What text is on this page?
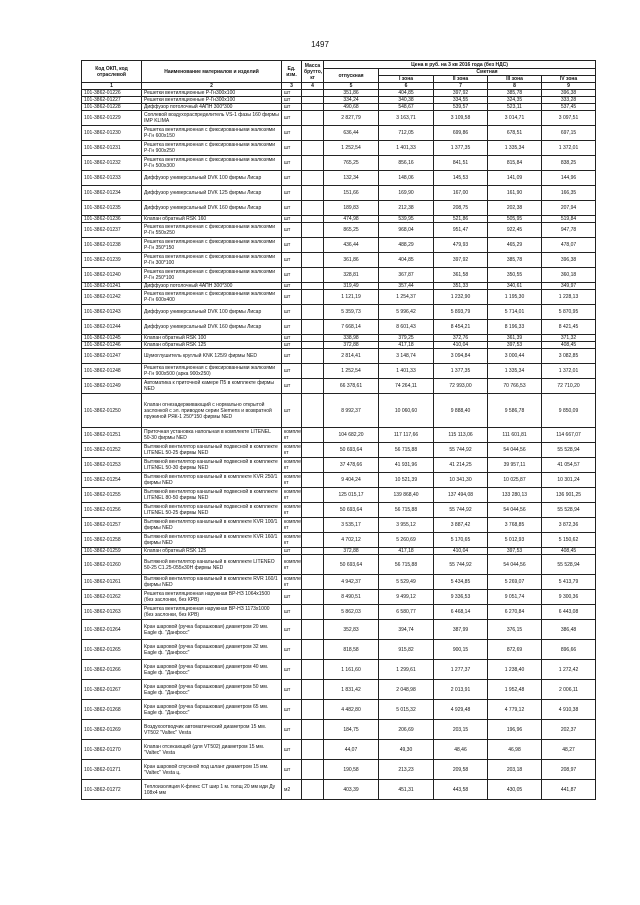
1497
Код ОКП, код отраслевой	Наименование материалов и изделий	Ед. изм.	Масса брутто, кг	Цена в руб. на 3 кв 2016 года (без НДС)				
				отпускная	Сметная			
					I зона	II зона	III зона	IV зона
1	2	3	4	5	6	7	8	9
101-3862-01226	Решетки вентиляционные Р-Гн300х100	шт		351,86	404,85	397,92	385,78	396,38
101-3862-01227	Решетки вентиляционные Р-Гн300х100	шт		334,24	340,38	334,55	324,35	333,28
101-3862-01228	Диффузор потолочный 4АПН 300*300	шт		490,68	548,67	539,57	523,11	537,45
101-3862-01229	Соплевой воздухораспределитель VS-1 фазы 160 фирмы IMP KLIMA	шт		2 827,79	3 163,71	3 109,58	3 014,71	3 097,51
101-3862-01230	Решетка вентиляционная с фиксированными жалюзями Р-Гн 600х150	шт		636,44	712,05	699,86	678,51	697,15
101-3862-01231	Решетка вентиляционная с фиксированными жалюзями Р-Гн 900х250	шт		1 252,54	1 401,33	1 377,35	1 335,34	1 372,01
101-3862-01232	Решетка вентиляционная с фиксированными жалюзями Р-Гн 500х300	шт		765,25	856,16	841,51	815,84	838,25
101-3862-01233	Диффузор универсальный DVK 100 фирмы Лисар	шт		132,34	148,06	145,53	141,09	144,96
101-3862-01234	Диффузор универсальный DVK 125 фирмы Лисар	шт		151,66	169,90	167,00	161,90	166,35
101-3862-01235	Диффузор универсальный DVK 160 фирмы Лисар	шт		189,83	212,38	208,75	202,38	207,94
101-3862-01236	Клапан обратный RSK 160	шт		474,98	539,95	521,86	505,95	519,84
101-3862-01237	Решетка вентиляционная с фиксированными жалюзями Р-Гн 550х250	шт		865,25	968,04	951,47	922,45	947,78
101-3862-01238	Решетка вентиляционная с фиксированными жалюзями Р-Гн 350*150	шт		436,44	488,29	479,93	465,29	478,07
101-3862-01239	Решетка вентиляционная с фиксированными жалюзями Р-Гн 300*100	шт		361,86	404,85	397,92	385,78	396,38
101-3862-01240	Решетка вентиляционная с фиксированными жалюзями Р-Гн 250*100	шт		328,81	367,87	361,58	350,55	360,18
101-3862-01241	Диффузор потолочный 4АПН 300*300	шт		319,49	357,44	351,33	340,61	349,97
101-3862-01242	Решетка вентиляционная с фиксированными жалюзями Р-Гн 600х400	шт		1 121,19	1 254,37	1 232,90	1 195,30	1 228,13
101-3862-01243	Диффузор универсальный DVK 100 фирмы Лисар	шт		5 359,73	5 996,42	5 893,79	5 714,01	5 870,95
101-3862-01244	Диффузор универсальный DVK 160 фирмы Лисар	шт		7 668,14	8 601,43	8 454,21	8 196,33	8 421,45
101-3862-01245	Клапан обратный RSK 100	шт		338,98	379,25	372,76	361,39	371,32
101-3862-01246	Клапан обратный RSK 125	шт		372,88	417,18	410,04	397,53	408,45
101-3862-01247	Шумоглушитель круглый KNK 125/9 фирмы NED	шт		2 814,41	3 148,74	3 094,84	3 000,44	3 082,85
101-3862-01248	Решетка вентиляционная с фиксированными жалюзями Р-Гн 900х500 (арка 900х250)	шт		1 252,54	1 401,33	1 377,35	1 335,34	1 372,01
101-3862-01249	Автоматика к приточной камере П5 в комплекте фирмы NED	шт		66 378,61	74 264,11	72 993,00	70 766,53	72 710,20
101-3862-01250	Клапан огнезадерживающий с нормально открытой заслонкой с эл. приводом серии Siemens и возвратной пружиной РЯК-1 250*150 фирмы NED	шт		8 992,37	10 060,60	9 888,40	9 586,78	9 850,09
101-3862-01251	Приточная установка напольная в комплекте LITENEL 50-30 фирмы NED	компле кт		104 682,20	117 117,66	115 113,06	111 601,81	114 667,07
101-3862-01252	Вытяжной вентилятор канальный подвесной в комплекте LITENEL 50-25 фирмы NED	компле кт		50 693,64	56 715,88	55 744,92	54 044,56	55 528,94
101-3862-01253	Вытяжной вентилятор канальный подвесной в комплекте LITENEL 50-30 фирмы NED	компле кт		37 478,66	41 931,96	41 214,25	39 957,11	41 054,57
101-3862-01254	Вытяжной вентилятор канальный в комплекте KVR 250/1 фирмы NED	компле кт		9 404,24	10 521,39	10 341,30	10 025,87	10 301,24
101-3862-01255	Вытяжной вентилятор канальный подвесной в комплекте LITENEL 80-50 фирмы NED	компле кт		125 015,17	139 868,40	137 494,08	133 280,13	136 901,25
101-3862-01256	Вытяжной вентилятор канальный подвесной в комплекте LITENEL 50-25 фирмы NED	компле кт		50 693,64	56 715,88	55 744,92	54 044,56	55 528,94
101-3862-01257	Вытяжной вентилятор канальный в комплекте KVR 100/1 фирмы NED	компле кт		3 535,17	3 955,12	3 887,42	3 768,85	3 872,36
101-3862-01258	Вытяжной вентилятор канальный в комплекте KVR 160/1 фирмы NED	компле кт		4 702,12	5 260,69	5 170,65	5 012,93	5 150,62
101-3862-01259	Клапан обратный RSK 125	шт		372,88	417,18	410,04	397,53	408,45
101-3862-01260	Вытяжной вентилятор канальный в комплекте LITENEO 50-25 С1.25-055х30Н фирмы NED	компле кт		50 693,64	56 715,88	55 744,92	54 044,56	55 528,94
101-3862-01261	Вытяжной вентилятор канальный в комплекте RVR 160/1 фирмы NED	компле кт		4 942,37	5 529,49	5 434,85	5 269,07	5 413,79
101-3862-01262	Решетка вентиляционная наружная ВР-НЗ 1064х1500 (без заслонки, без КРВ)	шт		8 490,51	9 499,12	9 336,53	9 051,74	9 300,36
101-3862-01263	Решетка вентиляционная наружная ВР-НЗ 1173х1000 (без заслонки, без КРВ)	шт		5 862,03	6 580,77	6 468,14	6 270,84	6 443,08
101-3862-01264	Кран шаровой (ручка барашковая) диаметром 20 мм. Eagle ф. "Данфосс"	шт		352,83	394,74	387,99	376,15	386,48
101-3862-01265	Кран шаровой (ручка барашковая) диаметром 32 мм. Eagle ф. "Данфосс"	шт		818,58	915,82	900,15	872,69	896,66
101-3862-01266	Кран шаровой (ручка барашковая) диаметром 40 мм. Eagle ф. "Данфосс"	шт		1 161,60	1 299,61	1 277,37	1 238,40	1 272,42
101-3862-01267	Кран шаровой (ручка барашковая) диаметром 50 мм. Eagle ф. "Данфосс"	шт		1 831,42	2 048,98	2 013,91	1 952,48	2 006,11
101-3862-01268	Кран шаровой (ручка барашковая) диаметром 65 мм. Eagle ф. "Данфосс"	шт		4 482,80	5 015,32	4 929,48	4 779,12	4 910,38
101-3862-01269	Воздухоотводчик автоматический диаметром 15 мм. VT502 "Valtec" Vesta	шт		184,75	206,69	203,15	196,96	202,37
101-3862-01270	Клапан отсекающий (для VT502) диаметром 15 мм. "Valtec" Vesta	шт		44,07	49,30	48,46	46,98	48,27
101-3862-01271	Кран шаровой спускной под шланг диаметром 15 мм. "Valtec" Vesta ц.	шт		190,58	213,23	209,58	203,18	208,97
101-3862-01272	Теплоизоляция К-флекс СТ шир 1 м. толщ 20 мм иди Ду 108х4 мм	м2		403,39	451,31	443,58	430,05	441,87
